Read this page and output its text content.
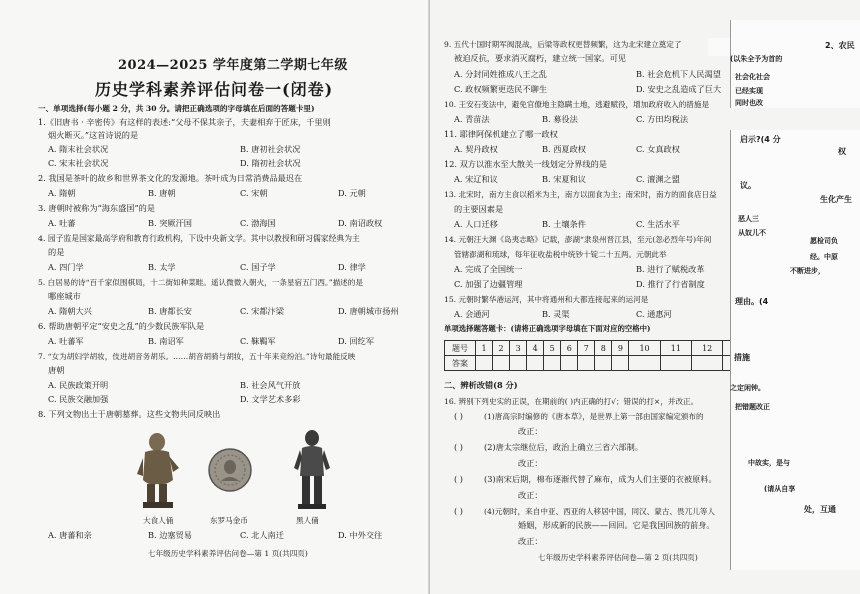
2024—2025 学年度第二学期七年级
历史学科素养评估问卷一(闭卷)
一、单项选择(每小题 2 分，共 30 分。请把正确选项的字母填在后面的答题卡里)
1.《旧唐书 · 辛密传》有这样的表述:“父母不保其亲子，夫妻相弃于匠床，千里则
烟火断灭。”这首诗说的是
A. 隋末社会状况	B. 唐初社会状况
C. 宋末社会状况	D. 隋初社会状况
2. 我国是茶叶的故乡和世界茶文化的发源地。茶叶成为日常消费品最迟在
A. 隋朝	B. 唐朝	C. 宋朝	D. 元朝
3. 唐朝时被称为“海东盛国”的是
A. 吐蕃	B. 突厥汗国	C. 渤海国	D. 南诏政权
4. 园子监是国家最高学府和教育行政机构，下设中央新文学。其中以教授和研习儒家经典为主
的是
A. 四门学	B. 太学	C. 国子学	D. 律学
5. 白居易的诗“百千家似围棋局，十二街如种菜畦。遥认微微入朝火，一条星宿五门西。”描述的是
哪座城市
A. 隋朝大兴	B. 唐都长安	C. 宋都汴梁	D. 唐朝城市扬州
6. 帮助唐朝平定“安史之乱”的少数民族军队是
A. 吐蕃军	B. 南诏军	C. 靺鞨军	D. 回纥军
7. “女为胡妇学胡妆，伎进胡音务胡乐。……胡音胡骑与胡妆，五十年来竞纷泊。”诗句最能反映
唐朝
A. 民族政策开明	B. 社会风气开放
C. 民族交融加强	D. 文学艺术多彩
8. 下列文物出土于唐朝墓葬。这些文物共同反映出
大食人俑	东罗马金币	黑人俑
A. 唐蕃和亲	B. 边塞贸易	C. 北人南迁	D. 中外交往
七年级历史学科素养评估问卷—第 1 页(共四页)
9. 五代十国时期军阀混战，后梁等政权更替频繁，这为北宋建立奠定了
被迫反抗，要求消灭腐朽，建立统一国家。可见
A. 分封同姓推成八王之乱	B. 社会危机下人民渴望
C. 政权频繁更迭民不聊生	D. 安史之乱造成了巨大
10. 王安石变法中，避免官僚地主隐瞒土地，逃避赋役，增加政府收入的措施是
A. 青苗法	B. 募役法	C. 方田均税法
11. 耶律阿保机建立了哪一政权
A. 契丹政权	B. 西夏政权	C. 女真政权
12. 双方以淮水至大散关一线划定分界线的是
A. 宋辽和议	B. 宋夏和议	C. 澶渊之盟
13. 北宋时，南方主食以稻米为主，南方以面食为主；南宋时，南方的面食店日益
的主要因素是
A. 人口迁移	B. 土壤条件	C. 生活水平
14. 元朝汪大渊《岛夷志略》记载，澎湖“隶泉州晋江县，至元(忽必烈年号)年间
管辖澎湖和琉球，每年征收盐税中统钞十锭二十五两。元朝此举
A. 完成了全国统一	B. 进行了赋税改革
C. 加强了边疆管理	D. 推行了行省制度
15. 元朝时繁华港运河，其中将通州和大都连接起来的运河是
A. 会通河	B. 灵渠	C. 通惠河
单项选择题答题卡：(请将正确选项字母填在下面对应的空格中)
题号	1	2	3	4	5	6	7	8	9	10	11	12			
答案															
二、辨析改错(8 分)
16. 辨别下列史实的正误，在期前的( )内正确的打√；错误的打×，并改正。
( )	(1)唐高宗时编修的《唐本草》，是世界上第一部由国家编定颁布的
改正：
( )	(2)唐太宗继位后，政治上确立三省六部制。
改正：
( )	(3)南宋后期，棉布逐渐代替了麻布，成为人们主要的衣被原料。
改正：
( )	(4)元朝时，来自中亚、西亚的人移居中国，同汉、蒙古、畏兀儿等人
婚姻，形成新的民族——回回。它是我国回族的前身。
改正：
七年级历史学科素养评估问卷—第 2 页(共四页)
2、农民
(以朱全予为首的
社会化社会
已经实现
同时也改
启示?(4 分
权
议。
生化产生
恶人三
从奴儿不
愿检司负
经。中原
不断进步，
理由。(4
措施
之定闲钟。
把错题改正
中故实，是与
(请从自享
处，互通
